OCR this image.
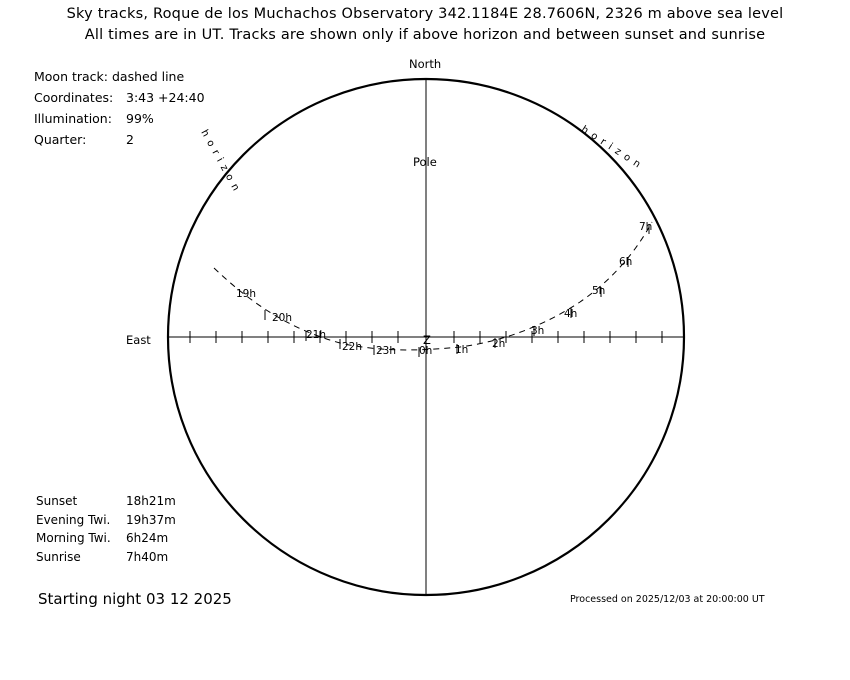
Sky tracks, Roque de los Muchachos Observatory 342.1184E 28.7606N, 2326 m above sea level
All times are in UT. Tracks are shown only if above horizon and between sunset and sunrise
Moon track: dashed line
Coordinates: 3:43 +24:40
Illumination: 99%
Quarter:	2
Sunset	18h21m
Evening Twi. 19h37m
Morning Twi. 6h24m
Sunrise	7h40m
Starting night 03 12 2025	Processed on 2025/12/03 at 20:00:00 UT
North
East
Pole
Z
h o r i z o n	h o r i z o n
19h
20h
21h
22h 23h 0h 1h 2h
3h
4h
5h
6h
7h
